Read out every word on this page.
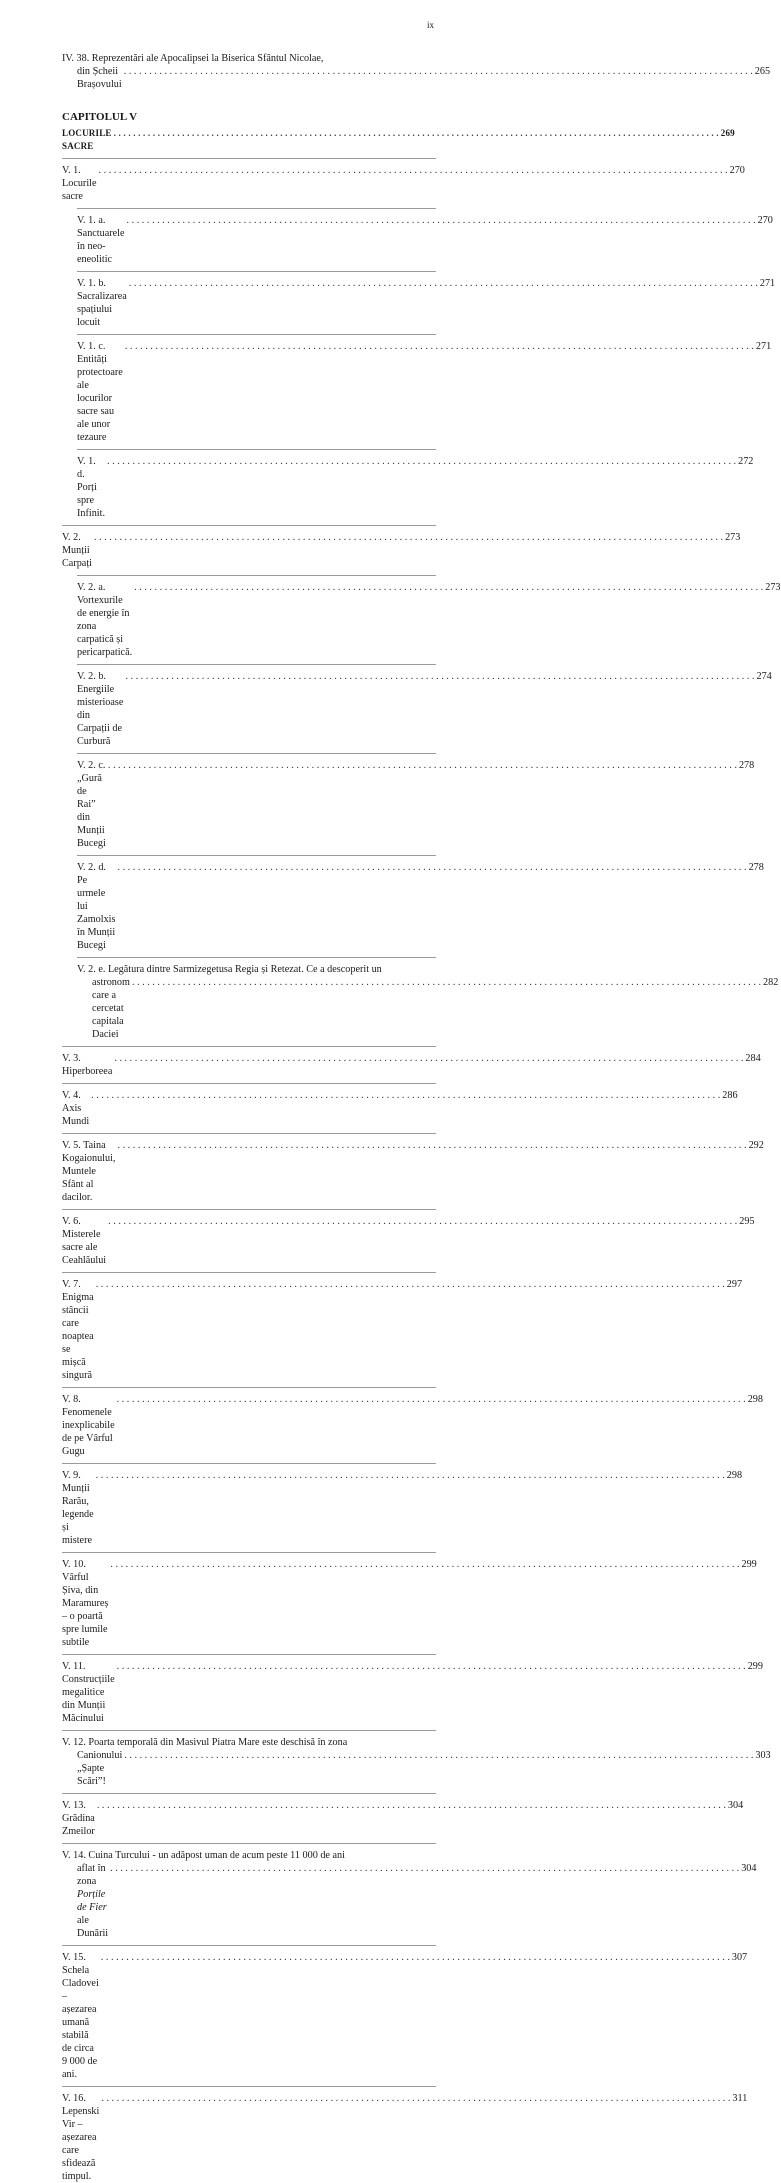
ix
IV. 38. Reprezentări ale Apocalipsei la Biserica Sfântul Nicolae,
din Șcheii Brașovului
. . .
265
CAPITOLUL V
LOCURILE SACRE
. . .
269
V. 1. Locurile sacre
. . .
270
V. 1. a. Sanctuarele în neo-eneolitic
. . .
270
V. 1. b. Sacralizarea spațiului locuit
. . .
271
V. 1. c. Entități protectoare ale locurilor sacre sau ale unor tezaure
. . .
271
V. 1. d. Porți spre Infinit.
. . .
272
V. 2. Munții Carpați
. . .
273
V. 2. a. Vortexurile de energie în zona carpatică și pericarpatică.
. . .
273
V. 2. b. Energiile misterioase din Carpații de Curbură
. . .
274
V. 2. c. „Gură de Rai” din Munții Bucegi
. . .
278
V. 2. d. Pe urmele lui Zamolxis în Munții Bucegi
. . .
278
V. 2. e. Legătura dintre Sarmizegetusa Regia și Retezat. Ce a descoperit un
astronom care a cercetat capitala Daciei
. . .
282
V. 3. Hiperboreea
. . .
284
V. 4. Axis Mundi
. . .
286
V. 5. Taina Kogaionului, Muntele Sfânt al dacilor.
. . .
292
V. 6. Misterele sacre ale Ceahlăului
. . .
295
V. 7. Enigma stâncii care noaptea se mișcă singură
. . .
297
V. 8. Fenomenele inexplicabile de pe Vârful Gugu
. . .
298
V. 9. Munții Rarău, legende și mistere
. . .
298
V. 10. Vârful Șiva, din Maramureș – o poartă spre lumile subtile
. . .
299
V. 11. Construcțiile megalitice din Munții Măcinului
. . .
299
V. 12. Poarta temporală din Masivul Piatra Mare este deschisă în zona
Canionului „Șapte Scări”!
. . .
303
V. 13. Grădina Zmeilor
. . .
304
V. 14. Cuina Turcului - un adăpost uman de acum peste 11 000 de ani
aflat în zona Porțile de Fier ale Dunării
. . .
304
V. 15. Schela Cladovei – așezarea umană stabilă de circa 9 000 de ani.
. . .
307
V. 16. Lepenski Vir – așezarea care sfidează timpul.
. . .
311
